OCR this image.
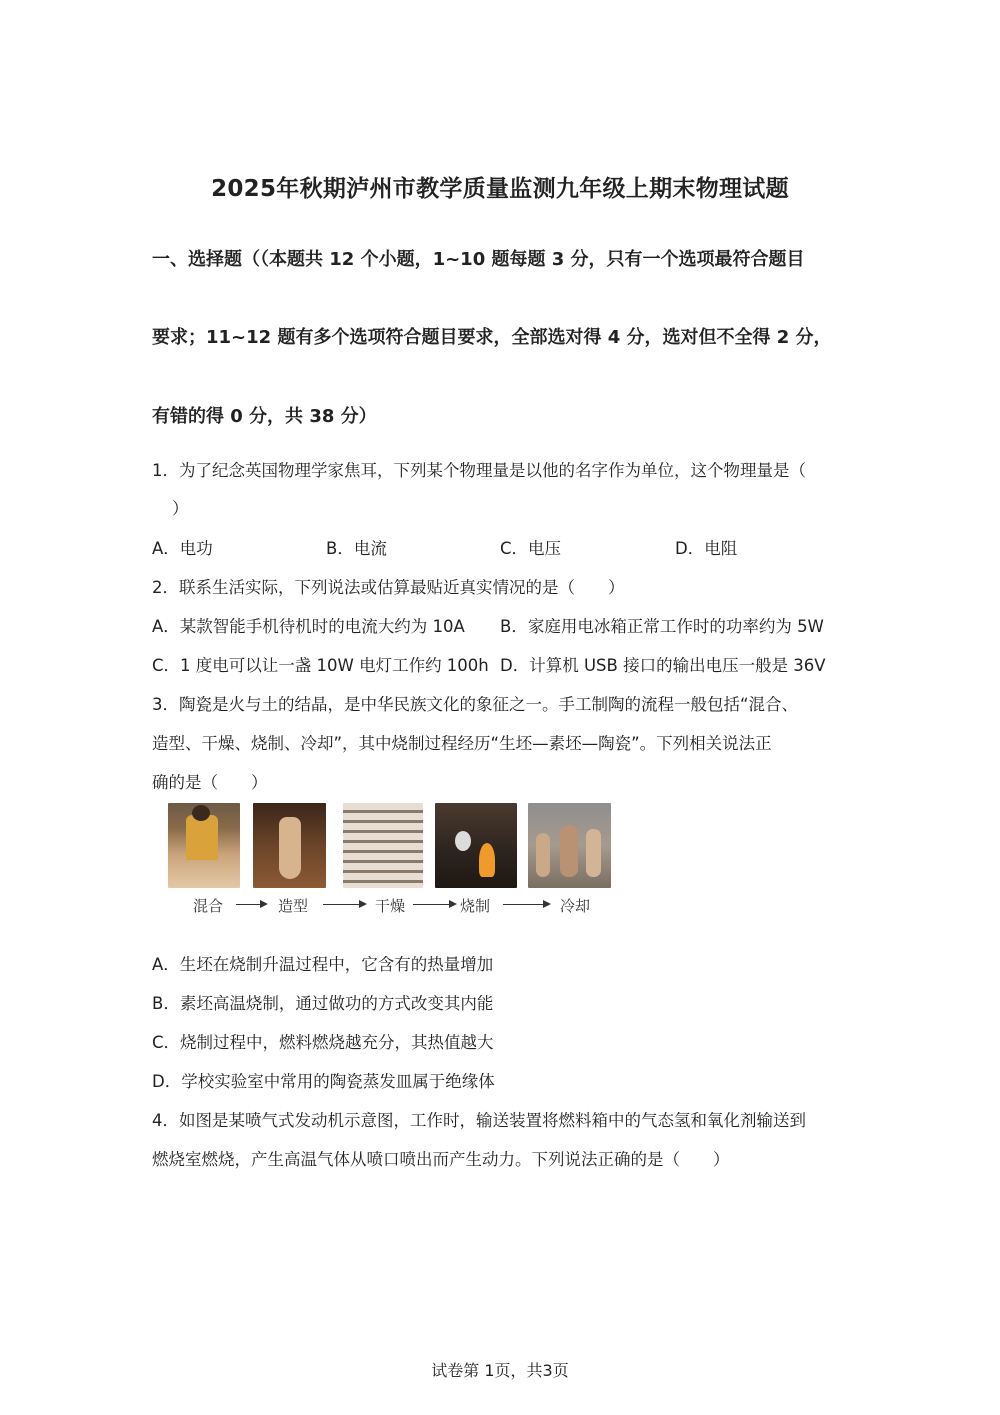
2025年秋期泸州市教学质量监测九年级上期末物理试题
一、选择题（（本题共 12 个小题，1~10 题每题 3 分，只有一个选项最符合题目
要求；11~12 题有多个选项符合题目要求，全部选对得 4 分，选对但不全得 2 分，
有错的得 0 分，共 38 分）
1．为了纪念英国物理学家焦耳，下列某个物理量是以他的名字作为单位，这个物理量是（
）
A．电功	B．电流	C．电压	D．电阻
2．联系生活实际，下列说法或估算最贴近真实情况的是（　　）
A．某款智能手机待机时的电流大约为 10A B．家庭用电冰箱正常工作时的功率约为 5W
C．1 度电可以让一盏 10W 电灯工作约 100h D．计算机 USB 接口的输出电压一般是 36V
3．陶瓷是火与土的结晶，是中华民族文化的象征之一。手工制陶的流程一般包括“混合、
造型、干燥、烧制、冷却”，其中烧制过程经历“生坯—素坯—陶瓷”。下列相关说法正
确的是（　　）
混合	造型	干燥	烧制	冷却
A．生坯在烧制升温过程中，它含有的热量增加
B．素坯高温烧制，通过做功的方式改变其内能
C．烧制过程中，燃料燃烧越充分，其热值越大
D．学校实验室中常用的陶瓷蒸发皿属于绝缘体
4．如图是某喷气式发动机示意图，工作时，输送装置将燃料箱中的气态氢和氧化剂输送到
燃烧室燃烧，产生高温气体从喷口喷出而产生动力。下列说法正确的是（　　）
试卷第 1页，共3页
